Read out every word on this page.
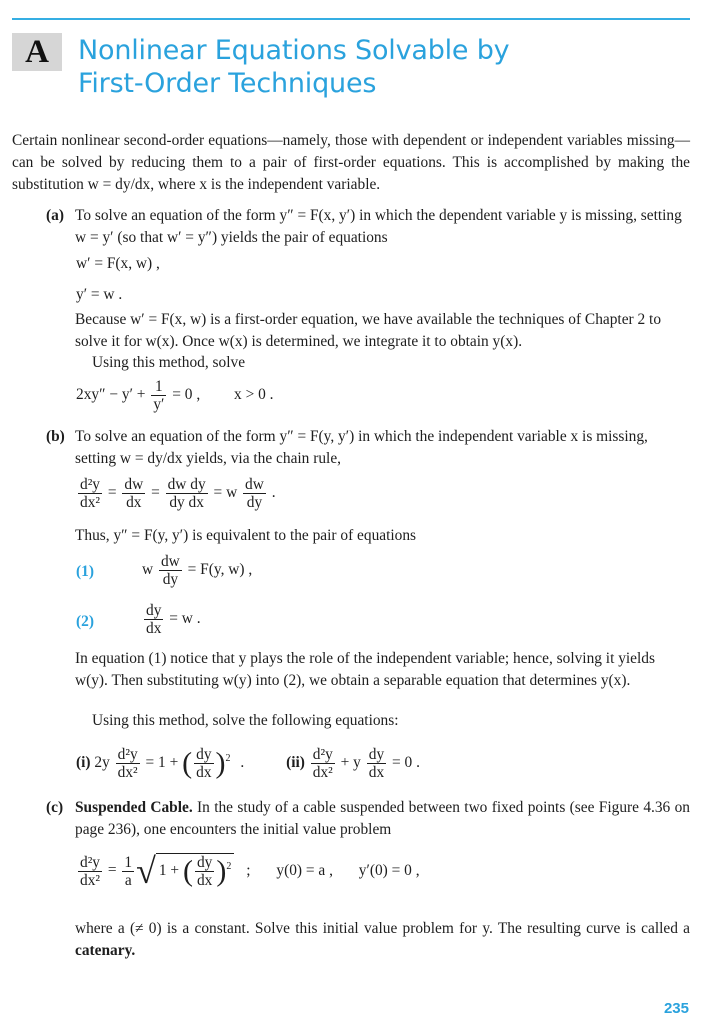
A	Nonlinear Equations Solvable by
First-Order Techniques

Certain nonlinear second-order equations—namely, those with dependent or independent variables missing—can be solved by reducing them to a pair of first-order equations. This is accomplished by making the substitution w = dy/dx, where x is the independent variable.

(a) To solve an equation of the form y″ = F(x, y′) in which the dependent variable y is missing, setting w = y′ (so that w′ = y″) yields the pair of equations

w′ = F(x, w) ,
y′ = w .

Because w′ = F(x, w) is a first-order equation, we have available the techniques of Chapter 2 to solve it for w(x). Once w(x) is determined, we integrate it to obtain y(x).

Using this method, solve

$2xy'' - y' + \frac{1}{y'} = 0$ , x > 0 .
(b) To solve an equation of the form y″ = F(y, y′) in which the independent variable x is missing, setting w = dy/dx yields, via the chain rule,

$\frac{\text{d²y}}{\text{dx²}} = \frac{dw}{dx} = \frac{\text{dw dy}}{\text{dy dx}} = w \frac{dw}{dy}$ .

Thus, y″ = F(y, y′) is equivalent to the pair of equations

(1)	w $\frac{dw}{dy} = F(y$, w) ,
(2)	$\frac{dy}{dx} = w$ .

In equation (1) notice that y plays the role of the independent variable; hence, solving it yields w(y). Then substituting w(y) into (2), we obtain a separable equation that determines y(x).

Using this method, solve the following equations:

(i) $2y \frac{\text{d²y}}{\text{dx²}} = 1$ + ( $\frac{dy}{dx} )^2$ .	$(ii) \frac{\text{d²y}}{\text{dx²}} + y \frac{dy}{dx} = 0$ .
(c) Suspended Cable. In the study of a cable suspended between two fixed points (see Figure 4.36 on page 236), one encounters the initial value problem

$\frac{\text{d²y}}{\text{dx²}} = \frac{1}{a}$ √ 1 + ( $\frac{dy}{dx} )^2$ ; y(0) = a , y′(0) = 0 ,

where a (≠ 0) is a constant. Solve this initial value problem for y. The resulting curve is called a catenary.

235
